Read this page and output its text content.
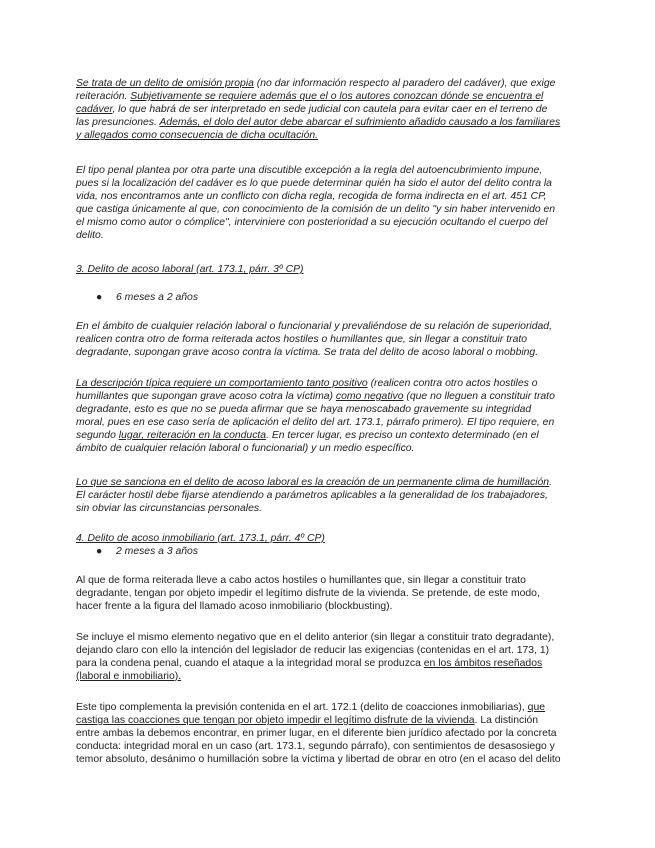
Se trata de un delito de omisión propia (no dar información respecto al paradero del cadáver), que exige
reiteración. Subjetivamente se requiere además que el o los autores conozcan dónde se encuentra el
cadáver, lo que habrá de ser interpretado en sede judicial con cautela para evitar caer en el terreno de
las presunciones. Además, el dolo del autor debe abarcar el sufrimiento añadido causado a los familiares
y allegados como consecuencia de dicha ocultación.
El tipo penal plantea por otra parte una discutible excepción a la regla del autoencubrimiento impune,
pues si la localización del cadáver es lo que puede determinar quién ha sido el autor del delito contra la
vida, nos encontramos ante un conflicto con dicha regla, recogida de forma indirecta en el art. 451 CP,
que castiga únicamente al que, con conocimiento de la comisión de un delito "y sin haber intervenido en
el mismo como autor o cómplice", interviniere con posterioridad a su ejecución ocultando el cuerpo del
delito.
3. Delito de acoso laboral (art. 173.1, párr. 3º CP)
● 6 meses a 2 años
En el ámbito de cualquier relación laboral o funcionarial y prevaliéndose de su relación de superioridad,
realicen contra otro de forma reiterada actos hostiles o humillantes que, sin llegar a constituir trato
degradante, supongan grave acoso contra la víctima. Se trata del delito de acoso laboral o mobbing.
La descripción típica requiere un comportamiento tanto positivo (realicen contra otro actos hostiles o
humillantes que supongan grave acoso cotra la víctima) como negativo (que no lleguen a constituir trato
degradante, esto es que no se pueda afirmar que se haya menoscabado gravemente su integridad
moral, pues en ese caso sería de aplicación el delito del art. 173.1, párrafo primero). El tipo requiere, en
segundo lugar, reiteración en la conducta. En tercer lugar, es preciso un contexto determinado (en el
ámbito de cualquier relación laboral o funcionarial) y un medio específico.
Lo que se sanciona en el delito de acoso laboral es la creación de un permanente clima de humillación.
El carácter hostil debe fijarse atendiendo a parámetros aplicables a la generalidad de los trabajadores,
sin obviar las circunstancias personales.
4. Delito de acoso inmobiliario (art. 173.1, párr. 4º CP)
● 2 meses a 3 años
Al que de forma reiterada lleve a cabo actos hostiles o humillantes que, sin llegar a constituir trato
degradante, tengan por objeto impedir el legítimo disfrute de la vivienda. Se pretende, de este modo,
hacer frente a la figura del llamado acoso inmobiliario (blockbusting).
Se incluye el mismo elemento negativo que en el delito anterior (sin llegar a constituir trato degradante),
dejando claro con ello la intención del legislador de reducir las exigencias (contenidas en el art. 173, 1)
para la condena penal, cuando el ataque a la integridad moral se produzca en los ámbitos reseñados
(laboral e inmobiliario).
Este tipo complementa la previsión contenida en el art. 172.1 (delito de coacciones inmobiliarias), que
castiga las coacciones que tengan por objeto impedir el legítimo disfrute de la vivienda. La distinción
entre ambas la debemos encontrar, en primer lugar, en el diferente bien jurídico afectado por la concreta
conducta: integridad moral en un caso (art. 173.1, segundo párrafo), con sentimientos de desasosiego y
temor absoluto, desánimo o humillación sobre la víctima y libertad de obrar en otro (en el acaso del delito
